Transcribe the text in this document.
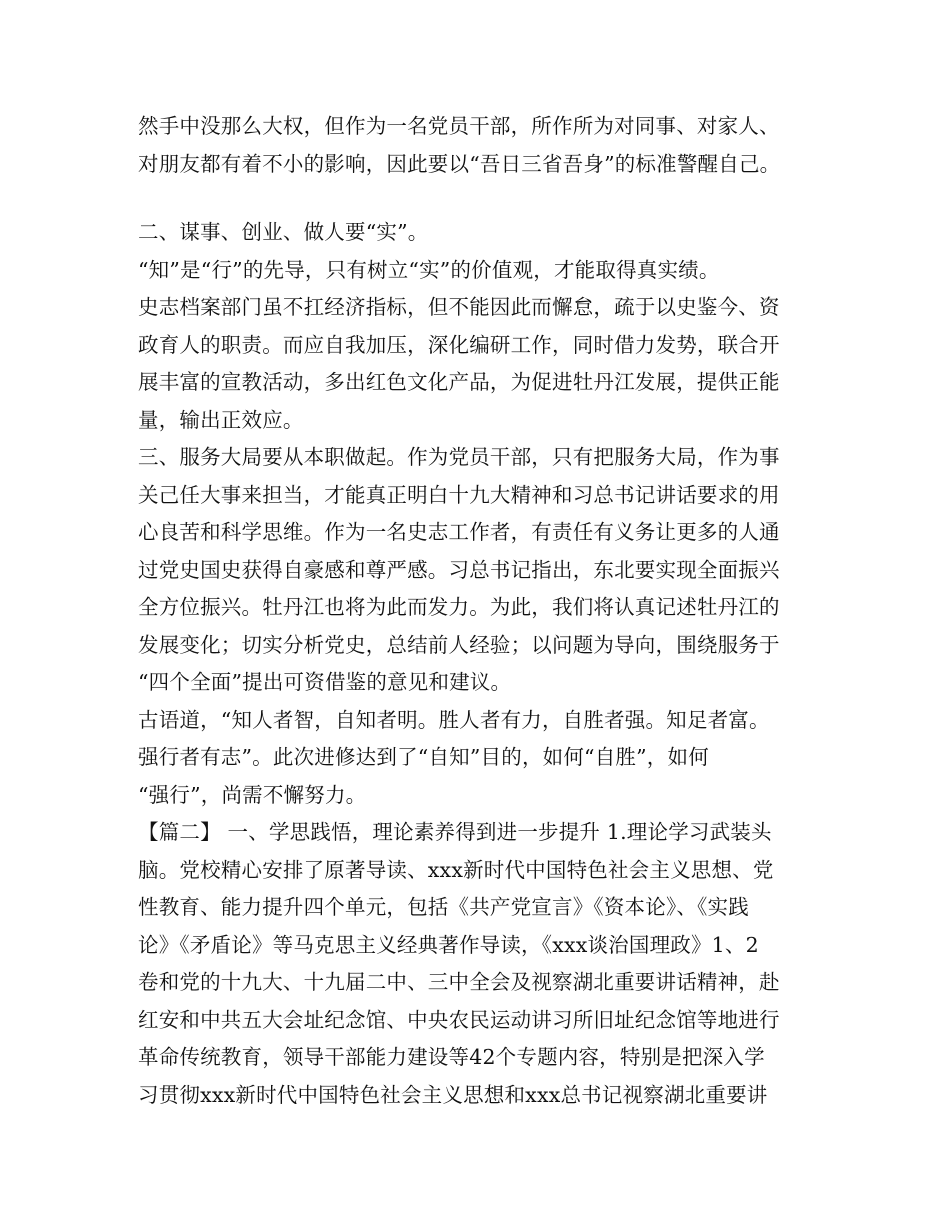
然手中没那么大权，但作为一名党员干部，所作所为对同事、对家人、
对朋友都有着不小的影响，因此要以“吾日三省吾身”的标准警醒自己。
二、谋事、创业、做人要“实”。
“知”是“行”的先导，只有树立“实”的价值观，才能取得真实绩。
史志档案部门虽不扛经济指标，但不能因此而懈怠，疏于以史鉴今、资
政育人的职责。而应自我加压，深化编研工作，同时借力发势，联合开
展丰富的宣教活动，多出红色文化产品，为促进牡丹江发展，提供正能
量，输出正效应。
三、服务大局要从本职做起。作为党员干部，只有把服务大局，作为事
关己任大事来担当，才能真正明白十九大精神和习总书记讲话要求的用
心良苦和科学思维。作为一名史志工作者，有责任有义务让更多的人通
过党史国史获得自豪感和尊严感。习总书记指出，东北要实现全面振兴
全方位振兴。牡丹江也将为此而发力。为此，我们将认真记述牡丹江的
发展变化；切实分析党史，总结前人经验；以问题为导向，围绕服务于
“四个全面”提出可资借鉴的意见和建议。
古语道，“知人者智，自知者明。胜人者有力，自胜者强。知足者富。
强行者有志”。此次进修达到了“自知”目的，如何“自胜”，如何
“强行”，尚需不懈努力。
【篇二】 一、学思践悟，理论素养得到进一步提升 1.理论学习武装头
脑。党校精心安排了原著导读、xxx新时代中国特色社会主义思想、党
性教育、能力提升四个单元，包括《共产党宣言》《资本论》、《实践
论》《矛盾论》等马克思主义经典著作导读，《xxx谈治国理政》1、2
卷和党的十九大、十九届二中、三中全会及视察湖北重要讲话精神，赴
红安和中共五大会址纪念馆、中央农民运动讲习所旧址纪念馆等地进行
革命传统教育，领导干部能力建设等42个专题内容，特别是把深入学
习贯彻xxx新时代中国特色社会主义思想和xxx总书记视察湖北重要讲
